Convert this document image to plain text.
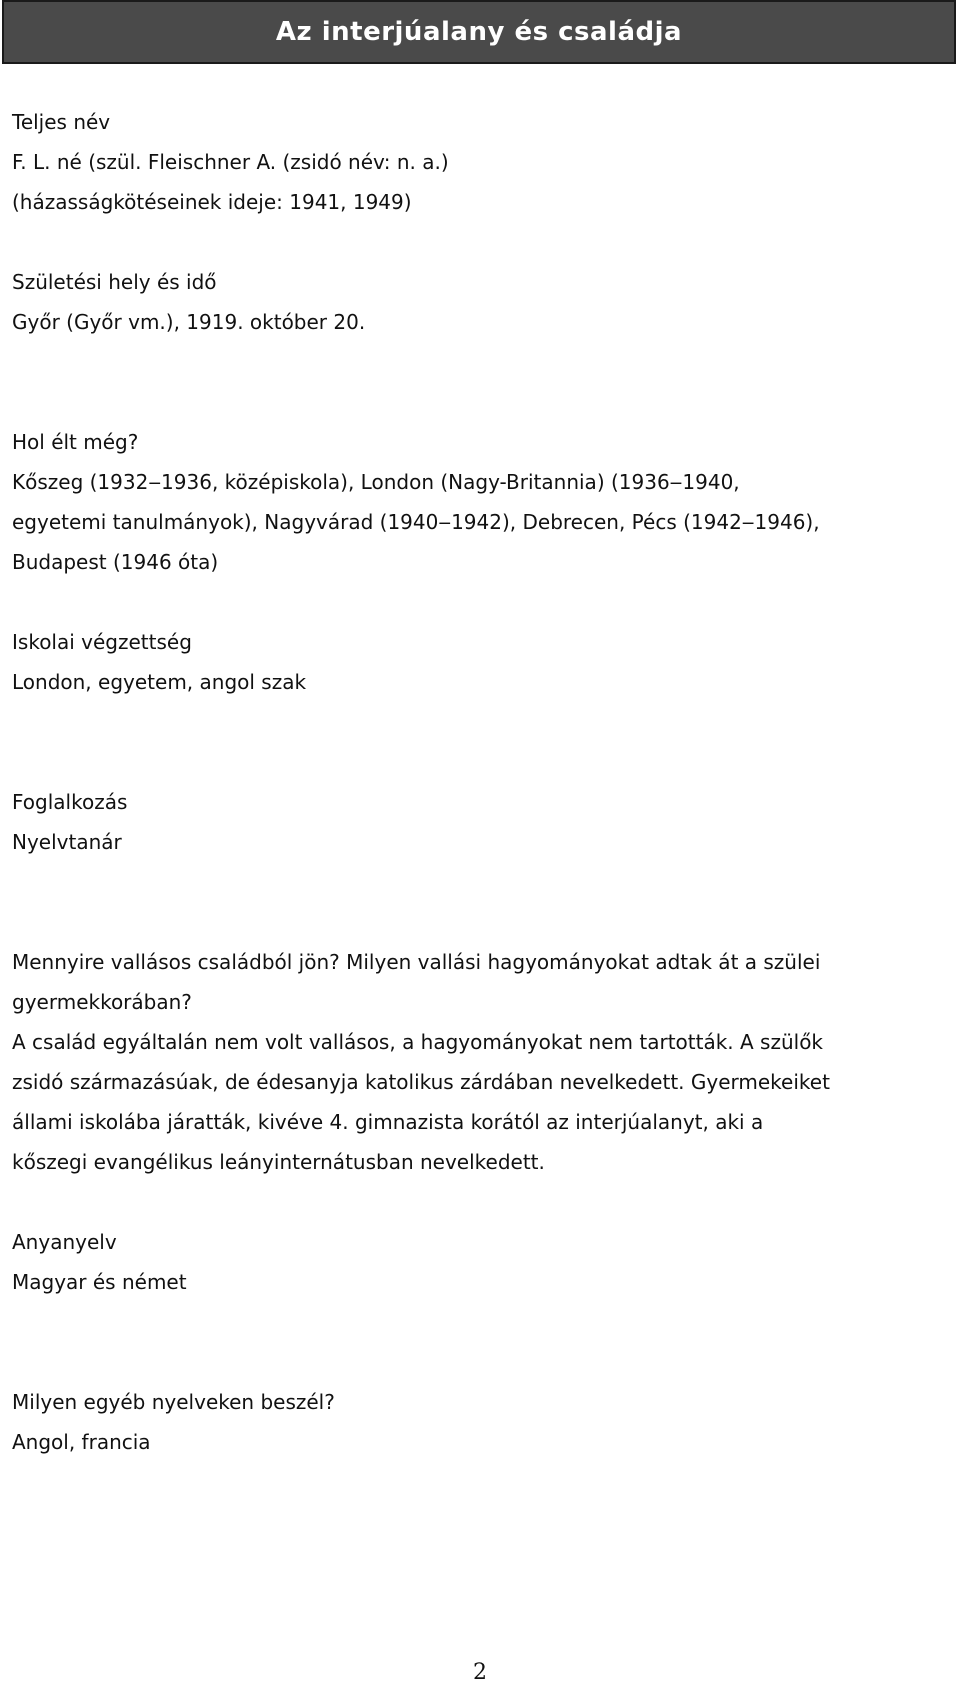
Az interjúalany és családja
Teljes név
F. L. né (szül. Fleischner A. (zsidó név: n. a.)
(házasságkötéseinek ideje: 1941, 1949)
Születési hely és idő
Győr (Győr vm.), 1919. október 20.
Hol élt még?
Kőszeg (1932‒1936, középiskola), London (Nagy-Britannia) (1936‒1940,
egyetemi tanulmányok), Nagyvárad (1940‒1942), Debrecen, Pécs (1942‒1946),
Budapest (1946 óta)
Iskolai végzettség
London, egyetem, angol szak
Foglalkozás
Nyelvtanár
Mennyire vallásos családból jön? Milyen vallási hagyományokat adtak át a szülei
gyermekkorában?
A család egyáltalán nem volt vallásos, a hagyományokat nem tartották. A szülők
zsidó származásúak, de édesanyja katolikus zárdában nevelkedett. Gyermekeiket
állami iskolába járatták, kivéve 4. gimnazista korától az interjúalanyt, aki a
kőszegi evangélikus leányinternátusban nevelkedett.
Anyanyelv
Magyar és német
Milyen egyéb nyelveken beszél?
Angol, francia
2
